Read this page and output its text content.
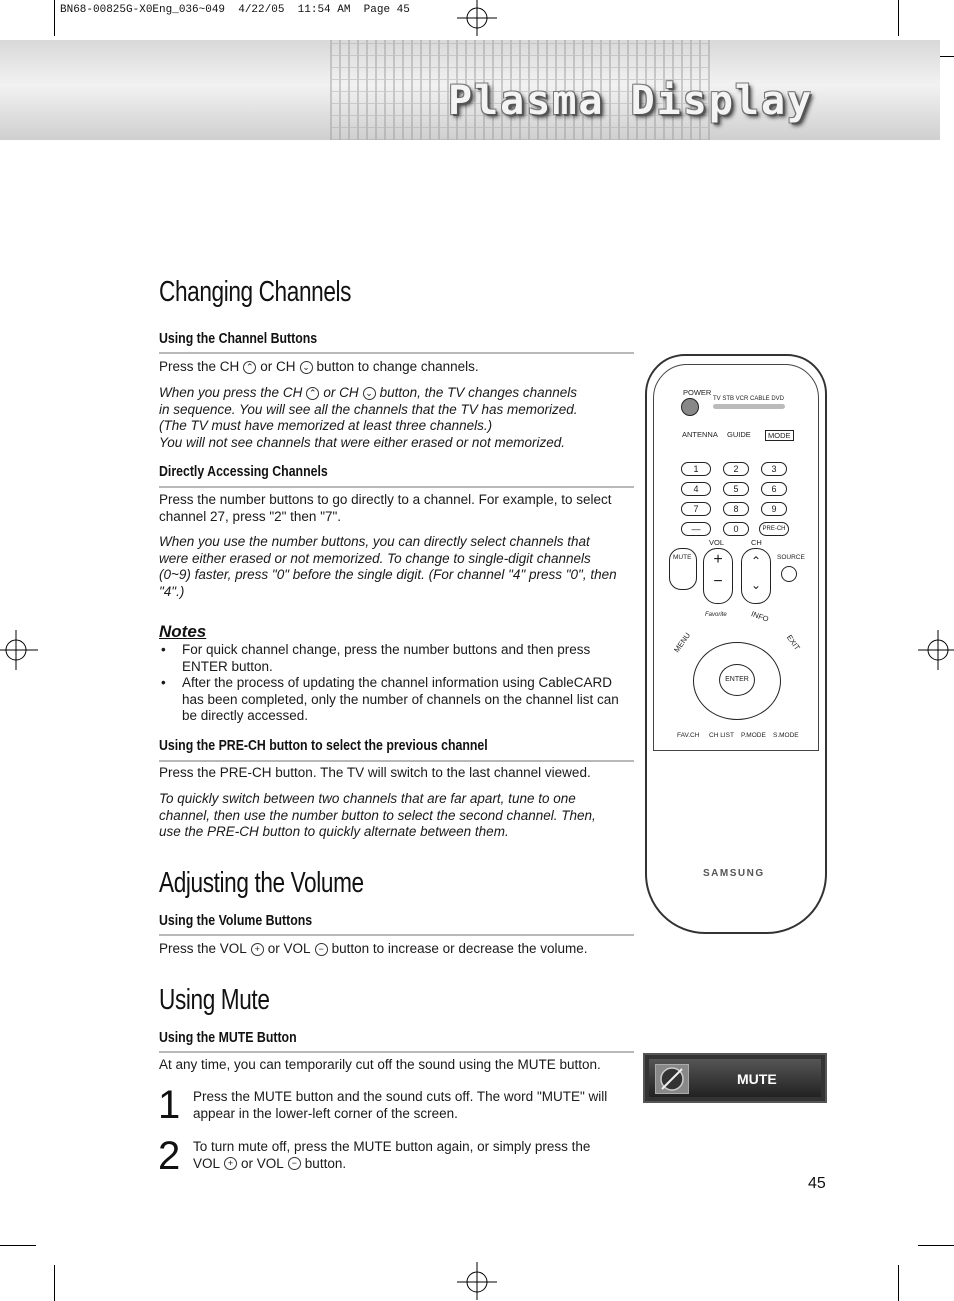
BN68-00825G-X0Eng_036~049  4/22/05  11:54 AM  Page 45
Plasma Display
Changing Channels
Using the Channel Buttons
Press the CH ⌃ or CH ⌄ button to change channels.
When you press the CH ⌃ or CH ⌄ button, the TV changes channels
in sequence. You will see all the channels that the TV has memorized.
(The TV must have memorized at least three channels.)
You will not see channels that were either erased or not memorized.
Directly Accessing Channels
Press the number buttons to go directly to a channel. For example, to select channel 27, press "2" then "7".
When you use the number buttons, you can directly select channels that were either erased or not memorized. To change to single-digit channels (0~9) faster, press "0" before the single digit. (For channel "4" press "0", then "4".)
Notes
• For quick channel change, press the number buttons and then press ENTER button.
• After the process of updating the channel information using CableCARD has been completed, only the number of channels on the channel list can be directly accessed.
Using the PRE-CH button to select the previous channel
Press the PRE-CH button. The TV will switch to the last channel viewed.
To quickly switch between two channels that are far apart, tune to one channel, then use the number button to select the second channel. Then, use the PRE-CH button to quickly alternate between them.
Adjusting the Volume
Using the Volume Buttons
Press the VOL + or VOL − button to increase or decrease the volume.
Using Mute
Using the MUTE Button
At any time, you can temporarily cut off the sound using the MUTE button.
1 Press the MUTE button and the sound cuts off. The word "MUTE" will appear in the lower-left corner of the screen.
2 To turn mute off, press the MUTE button again, or simply press the
VOL + or VOL − button.
POWER
TV STB VCR CABLE DVD
ANTENNA GUIDE	MODE
1	2	3
4	5	6
7	8	9
—	0	PRE-CH
VOL	CH
MUTE	+
−
⌃
⌄
SOURCE
Favorite	INFO
MENU	EXIT
ENTER
FAV.CH CH LIST P.MODE S.MODE
SAMSUNG
MUTE
45
